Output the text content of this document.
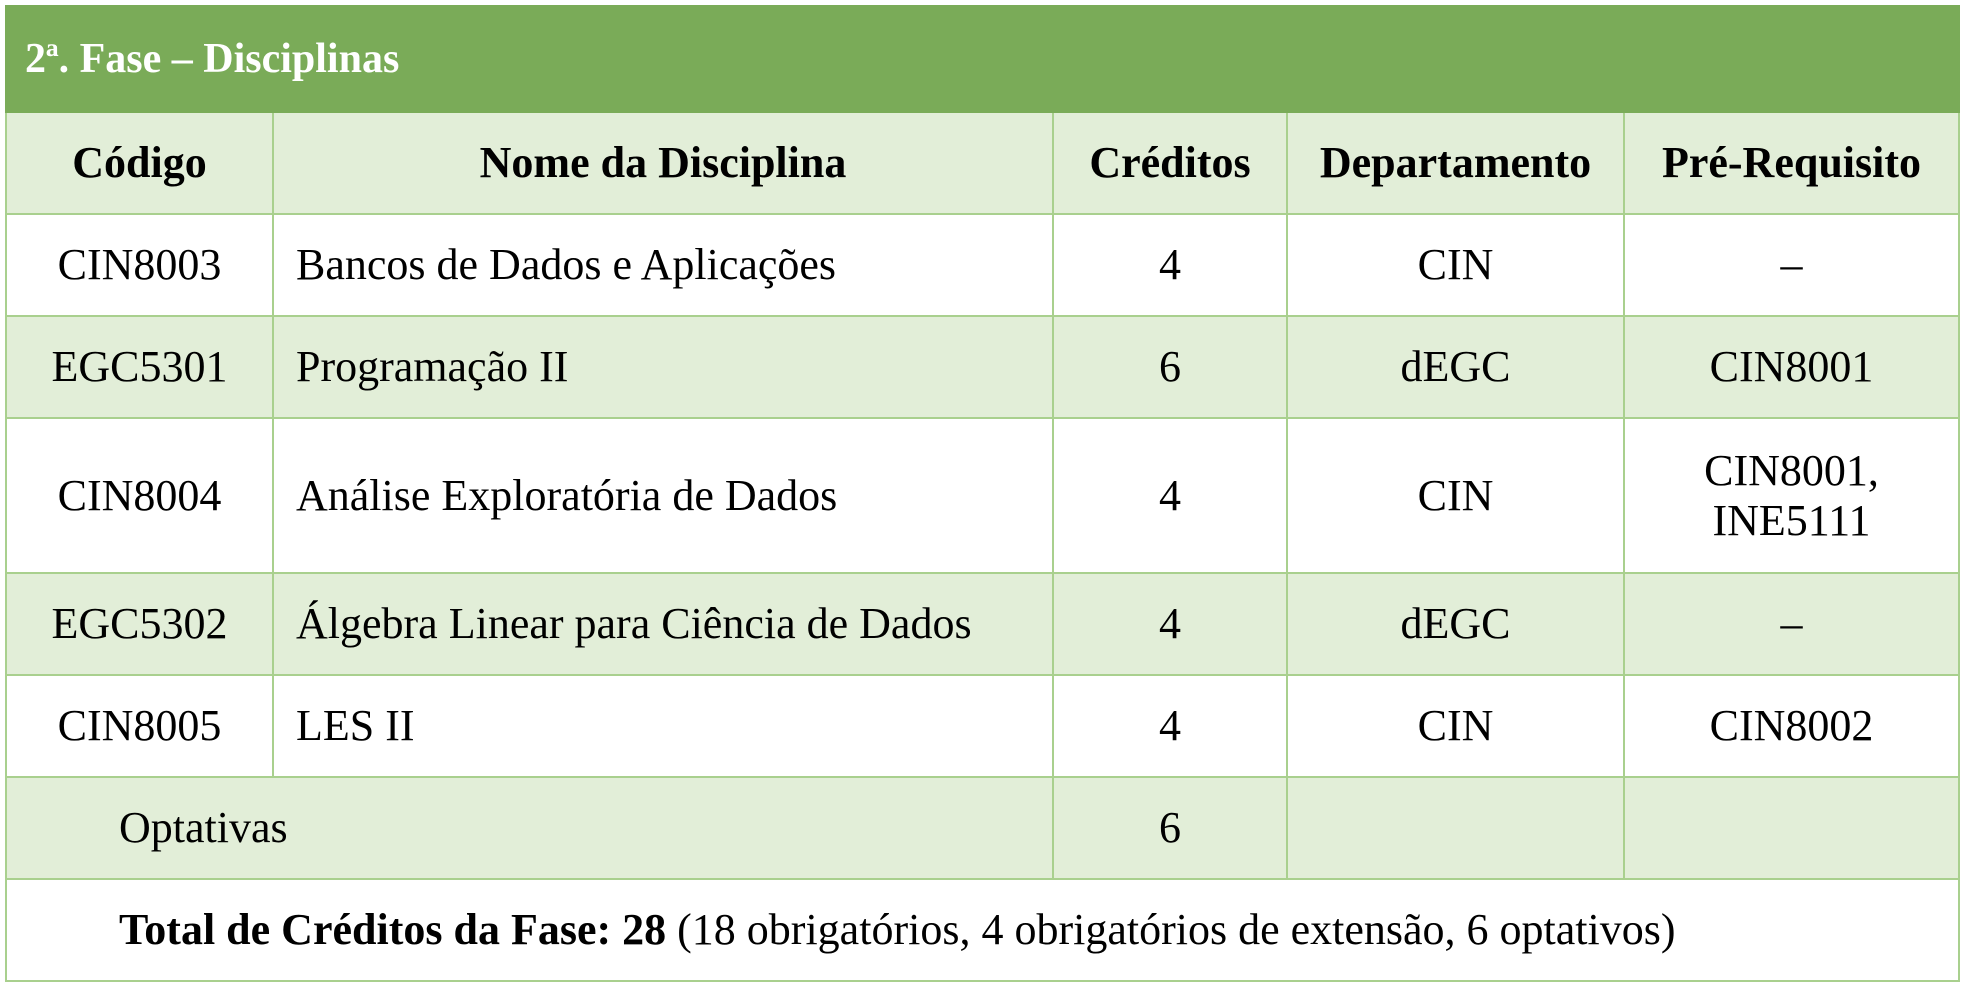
2ª. Fase – Disciplinas				
Código	Nome da Disciplina	Créditos	Departamento	Pré-Requisito
CIN8003	Bancos de Dados e Aplicações	4	CIN	–
EGC5301	Programação II	6	dEGC	CIN8001
CIN8004	Análise Exploratória de Dados	4	CIN	CIN8001,
INE5111

EGC5302	Álgebra Linear para Ciência de Dados	4	dEGC	–
CIN8005	LES II	4	CIN	CIN8002
Optativas		6		
Total de Créditos da Fase: 28 (18 obrigatórios, 4 obrigatórios de extensão, 6 optativos)				
